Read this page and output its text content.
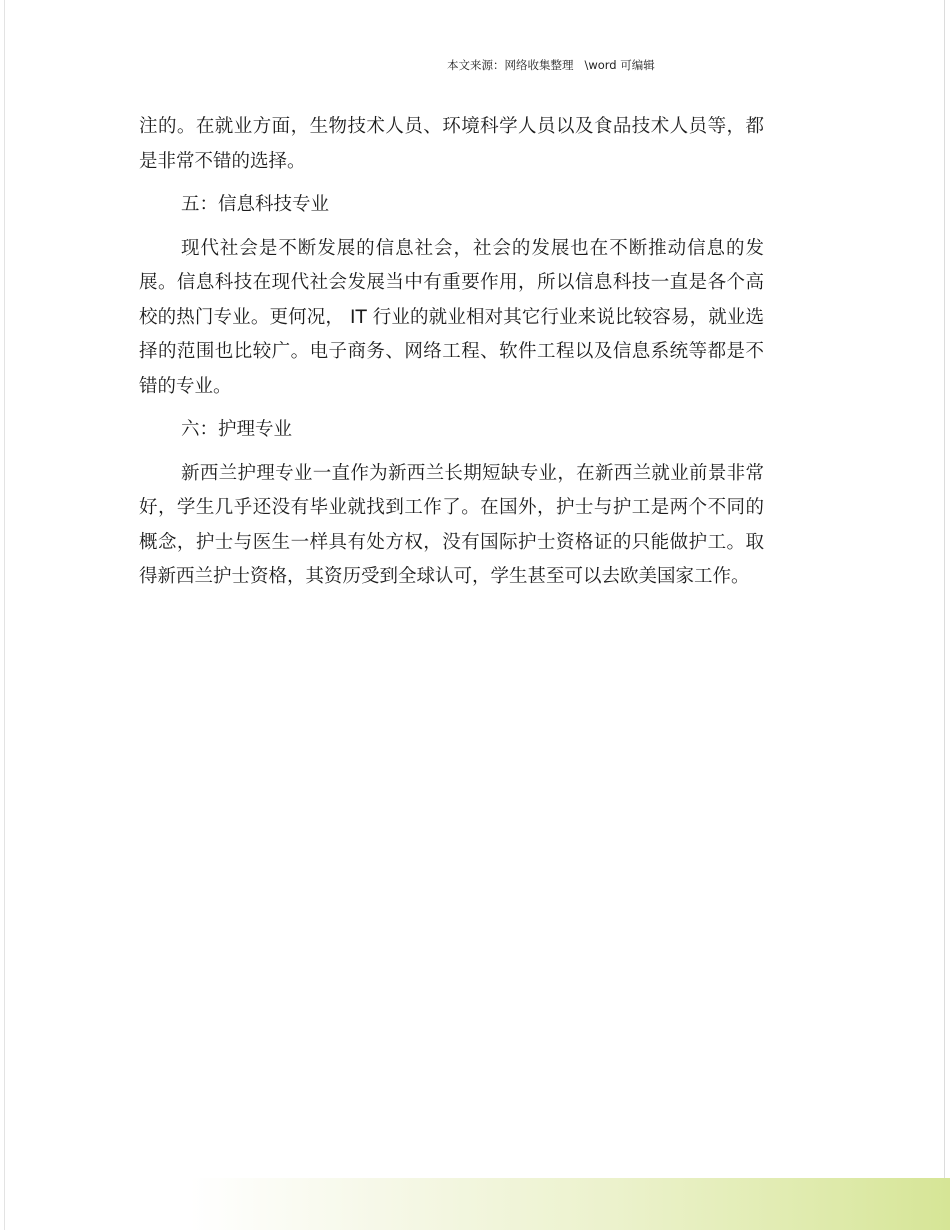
本文来源：网络收集整理   \word 可编辑

注的。在就业方面，生物技术人员、环境科学人员以及食品技术人员等，都是非常不错的选择。

五：信息科技专业

现代社会是不断发展的信息社会，社会的发展也在不断推动信息的发展。信息科技在现代社会发展当中有重要作用，所以信息科技一直是各个高校的热门专业。更何况， IT 行业的就业相对其它行业来说比较容易，就业选择的范围也比较广。电子商务、网络工程、软件工程以及信息系统等都是不错的专业。

六：护理专业

新西兰护理专业一直作为新西兰长期短缺专业，在新西兰就业前景非常好，学生几乎还没有毕业就找到工作了。在国外，护士与护工是两个不同的概念，护士与医生一样具有处方权，没有国际护士资格证的只能做护工。取得新西兰护士资格，其资历受到全球认可，学生甚至可以去欧美国家工作。
